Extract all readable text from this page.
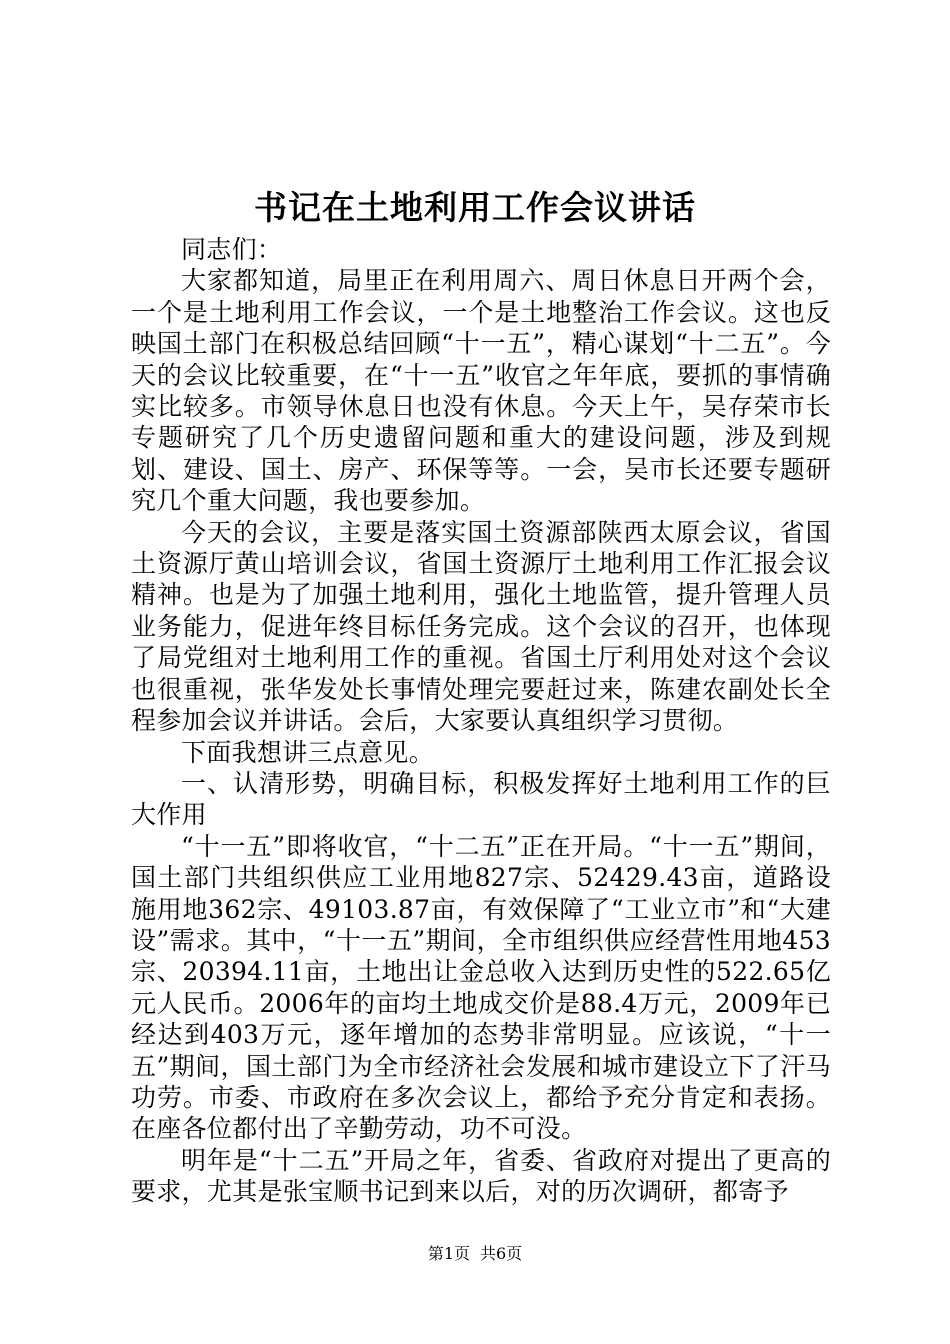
书记在土地利用工作会议讲话

同志们：

大家都知道，局里正在利用周六、周日休息日开两个会，一个是土地利用工作会议，一个是土地整治工作会议。这也反映国土部门在积极总结回顾“十一五”，精心谋划“十二五”。今天的会议比较重要，在“十一五”收官之年年底，要抓的事情确实比较多。市领导休息日也没有休息。今天上午，吴存荣市长专题研究了几个历史遗留问题和重大的建设问题，涉及到规划、建设、国土、房产、环保等等。一会，吴市长还要专题研究几个重大问题，我也要参加。

今天的会议，主要是落实国土资源部陕西太原会议，省国土资源厅黄山培训会议，省国土资源厅土地利用工作汇报会议精神。也是为了加强土地利用，强化土地监管，提升管理人员业务能力，促进年终目标任务完成。这个会议的召开，也体现了局党组对土地利用工作的重视。省国土厅利用处对这个会议也很重视，张华发处长事情处理完要赶过来，陈建农副处长全程参加会议并讲话。会后，大家要认真组织学习贯彻。

下面我想讲三点意见。

一、认清形势，明确目标，积极发挥好土地利用工作的巨大作用

“十一五”即将收官，“十二五”正在开局。“十一五”期间，国土部门共组织供应工业用地827宗、52429.43亩，道路设施用地362宗、49103.87亩，有效保障了“工业立市”和“大建设”需求。其中，“十一五”期间，全市组织供应经营性用地453宗、20394.11亩，土地出让金总收入达到历史性的522.65亿元人民币。2006年的亩均土地成交价是88.4万元，2009年已经达到403万元，逐年增加的态势非常明显。应该说，“十一五”期间，国土部门为全市经济社会发展和城市建设立下了汗马功劳。市委、市政府在多次会议上，都给予充分肯定和表扬。在座各位都付出了辛勤劳动，功不可没。

明年是“十二五”开局之年，省委、省政府对提出了更高的要求，尤其是张宝顺书记到来以后，对的历次调研，都寄予

第1页 共6页
